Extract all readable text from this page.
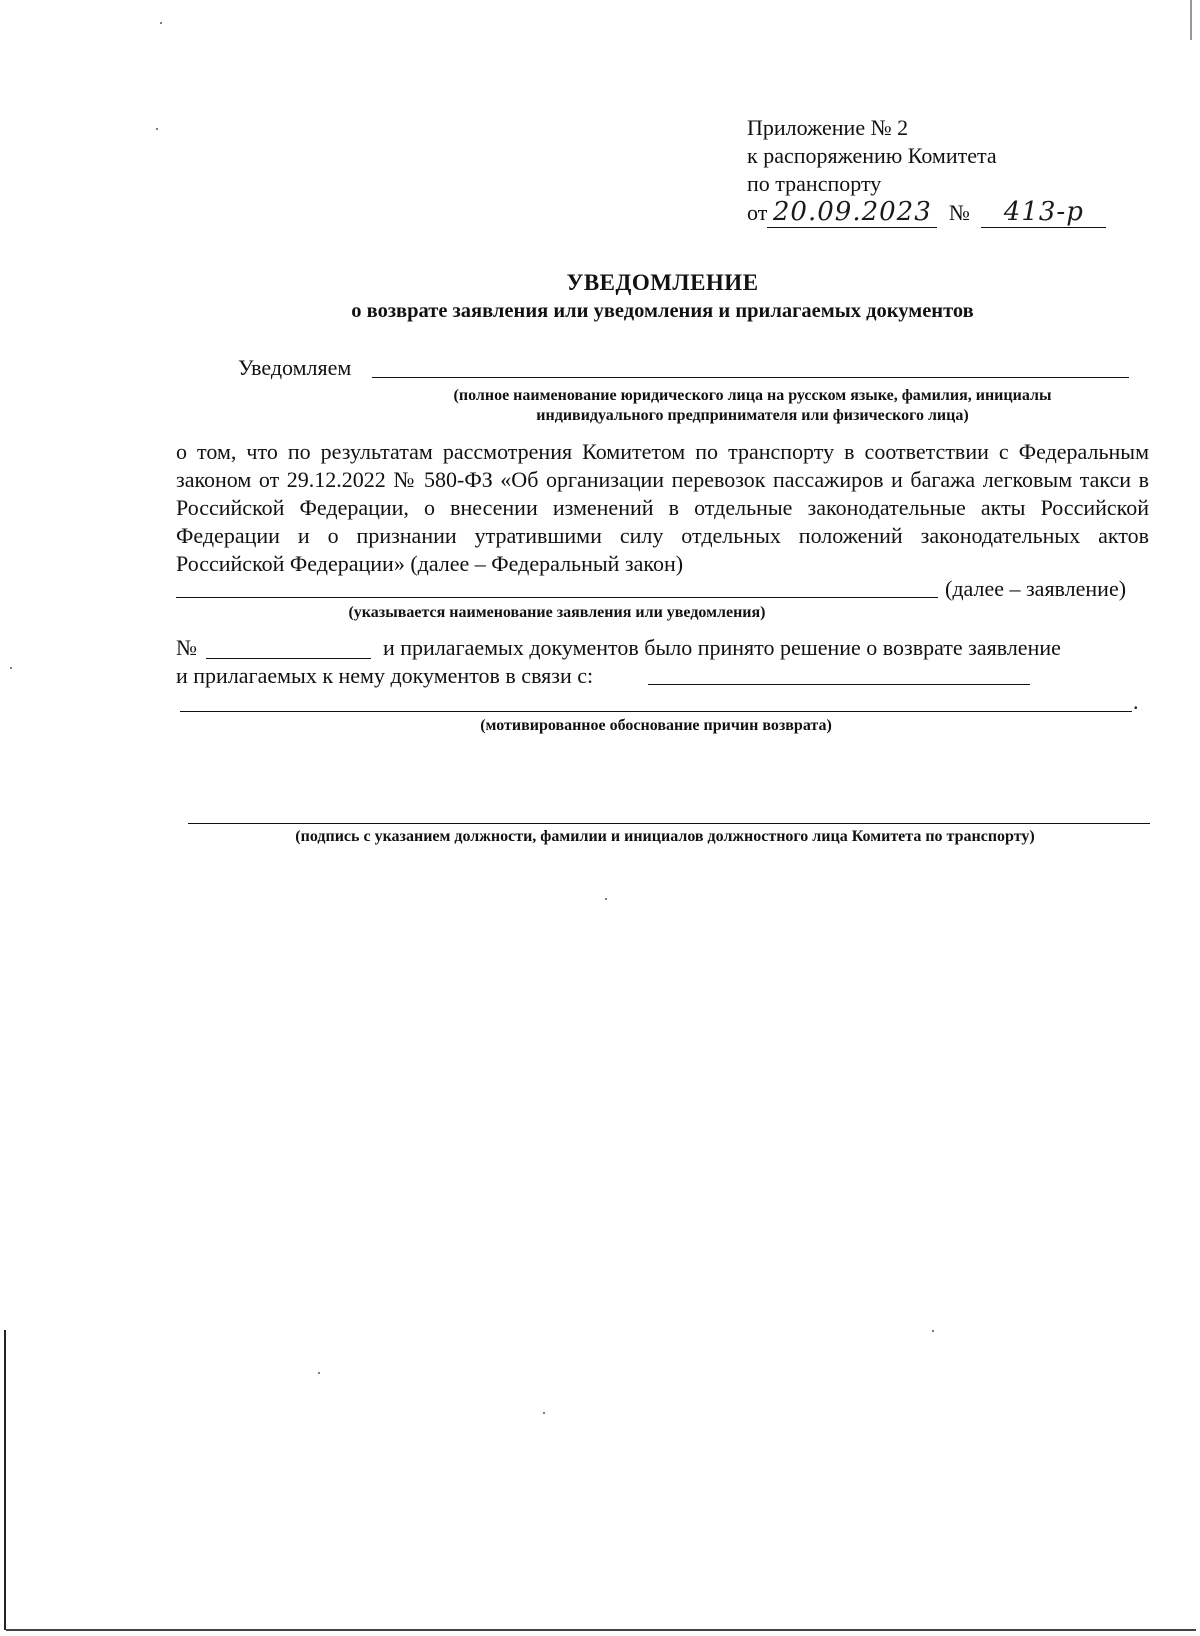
Приложение № 2
к распоряжению Комитета
по транспорту
от 20.09.2023 № 413-р
УВЕДОМЛЕНИЕ
о возврате заявления или уведомления и прилагаемых документов
Уведомляем
(полное наименование юридического лица на русском языке, фамилия, инициалы
индивидуального предпринимателя или физического лица)

о том, что по результатам рассмотрения Комитетом по транспорту в соответствии с Федеральным законом от 29.12.2022 № 580-ФЗ «Об организации перевозок пассажиров и багажа легковым такси в Российской Федерации, о внесении изменений в отдельные законодательные акты Российской Федерации и о признании утратившими силу отдельных положений законодательных актов Российской Федерации» (далее – Федеральный закон)

(далее – заявление)
(указывается наименование заявления или уведомления)
№	и прилагаемых документов было принято решение о возврате заявление
и прилагаемых к нему документов в связи с:
.
(мотивированное обоснование причин возврата)
(подпись с указанием должности, фамилии и инициалов должностного лица Комитета по транспорту)
